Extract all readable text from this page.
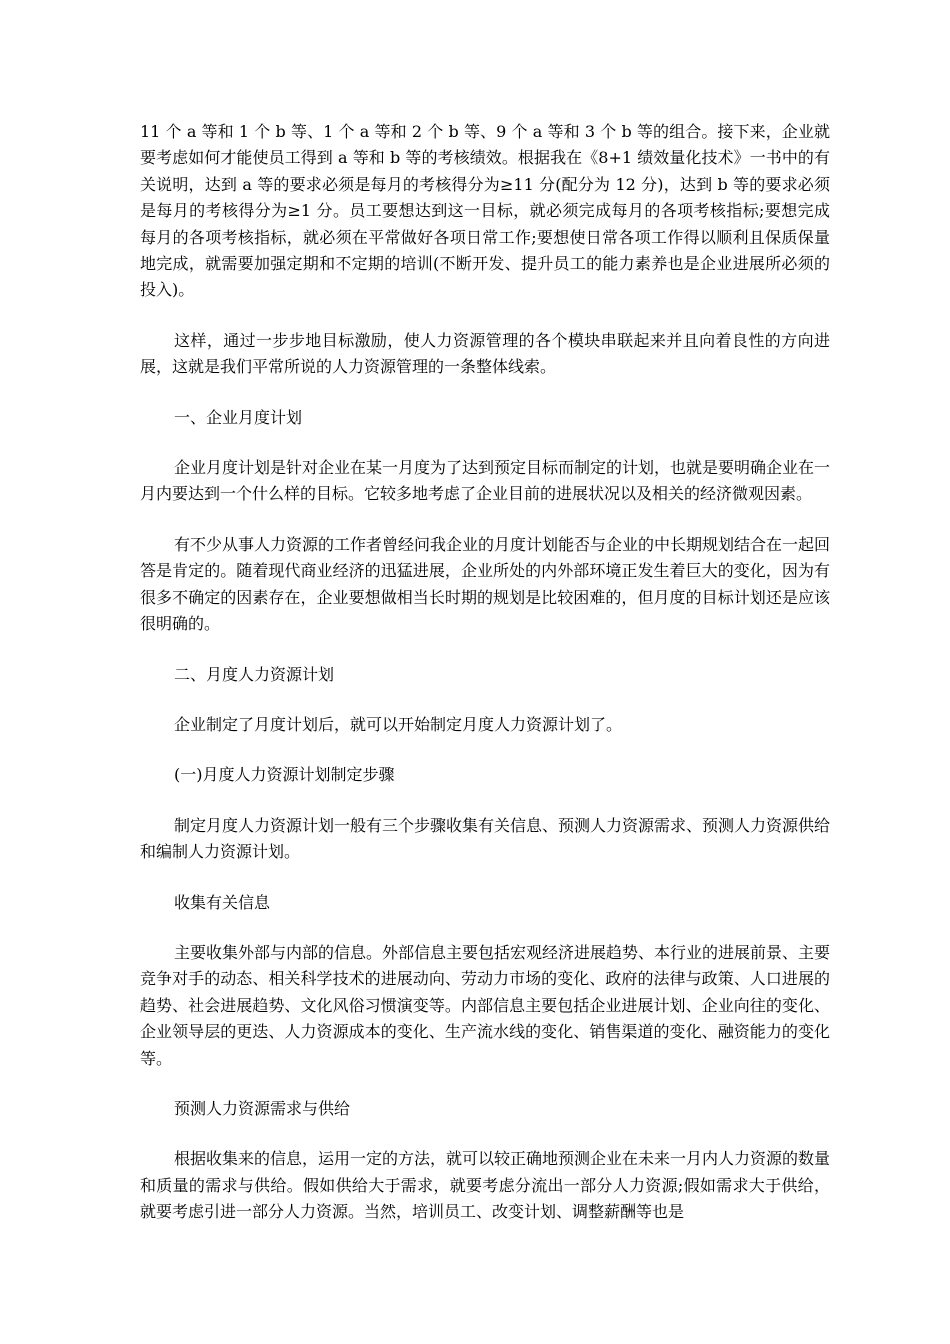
11 个 a 等和 1 个 b 等、1 个 a 等和 2 个 b 等、9 个 a 等和 3 个 b 等的组合。接下来，企业就要考虑如何才能使员工得到 a 等和 b 等的考核绩效。根据我在《8+1 绩效量化技术》一书中的有关说明，达到 a 等的要求必须是每月的考核得分为≥11 分(配分为 12 分)，达到 b 等的要求必须是每月的考核得分为≥1 分。员工要想达到这一目标，就必须完成每月的各项考核指标;要想完成每月的各项考核指标，就必须在平常做好各项日常工作;要想使日常各项工作得以顺利且保质保量地完成，就需要加强定期和不定期的培训(不断开发、提升员工的能力素养也是企业进展所必须的投入)。

这样，通过一步步地目标激励，使人力资源管理的各个模块串联起来并且向着良性的方向进展，这就是我们平常所说的人力资源管理的一条整体线索。

一、企业月度计划

企业月度计划是针对企业在某一月度为了达到预定目标而制定的计划，也就是要明确企业在一月内要达到一个什么样的目标。它较多地考虑了企业目前的进展状况以及相关的经济微观因素。

有不少从事人力资源的工作者曾经问我企业的月度计划能否与企业的中长期规划结合在一起回答是肯定的。随着现代商业经济的迅猛进展，企业所处的内外部环境正发生着巨大的变化，因为有很多不确定的因素存在，企业要想做相当长时期的规划是比较困难的，但月度的目标计划还是应该很明确的。

二、月度人力资源计划

企业制定了月度计划后，就可以开始制定月度人力资源计划了。

(一)月度人力资源计划制定步骤

制定月度人力资源计划一般有三个步骤收集有关信息、预测人力资源需求、预测人力资源供给和编制人力资源计划。

收集有关信息

主要收集外部与内部的信息。外部信息主要包括宏观经济进展趋势、本行业的进展前景、主要竞争对手的动态、相关科学技术的进展动向、劳动力市场的变化、政府的法律与政策、人口进展的趋势、社会进展趋势、文化风俗习惯演变等。内部信息主要包括企业进展计划、企业向往的变化、企业领导层的更迭、人力资源成本的变化、生产流水线的变化、销售渠道的变化、融资能力的变化等。

预测人力资源需求与供给

根据收集来的信息，运用一定的方法，就可以较正确地预测企业在未来一月内人力资源的数量和质量的需求与供给。假如供给大于需求，就要考虑分流出一部分人力资源;假如需求大于供给，就要考虑引进一部分人力资源。当然，培训员工、改变计划、调整薪酬等也是
